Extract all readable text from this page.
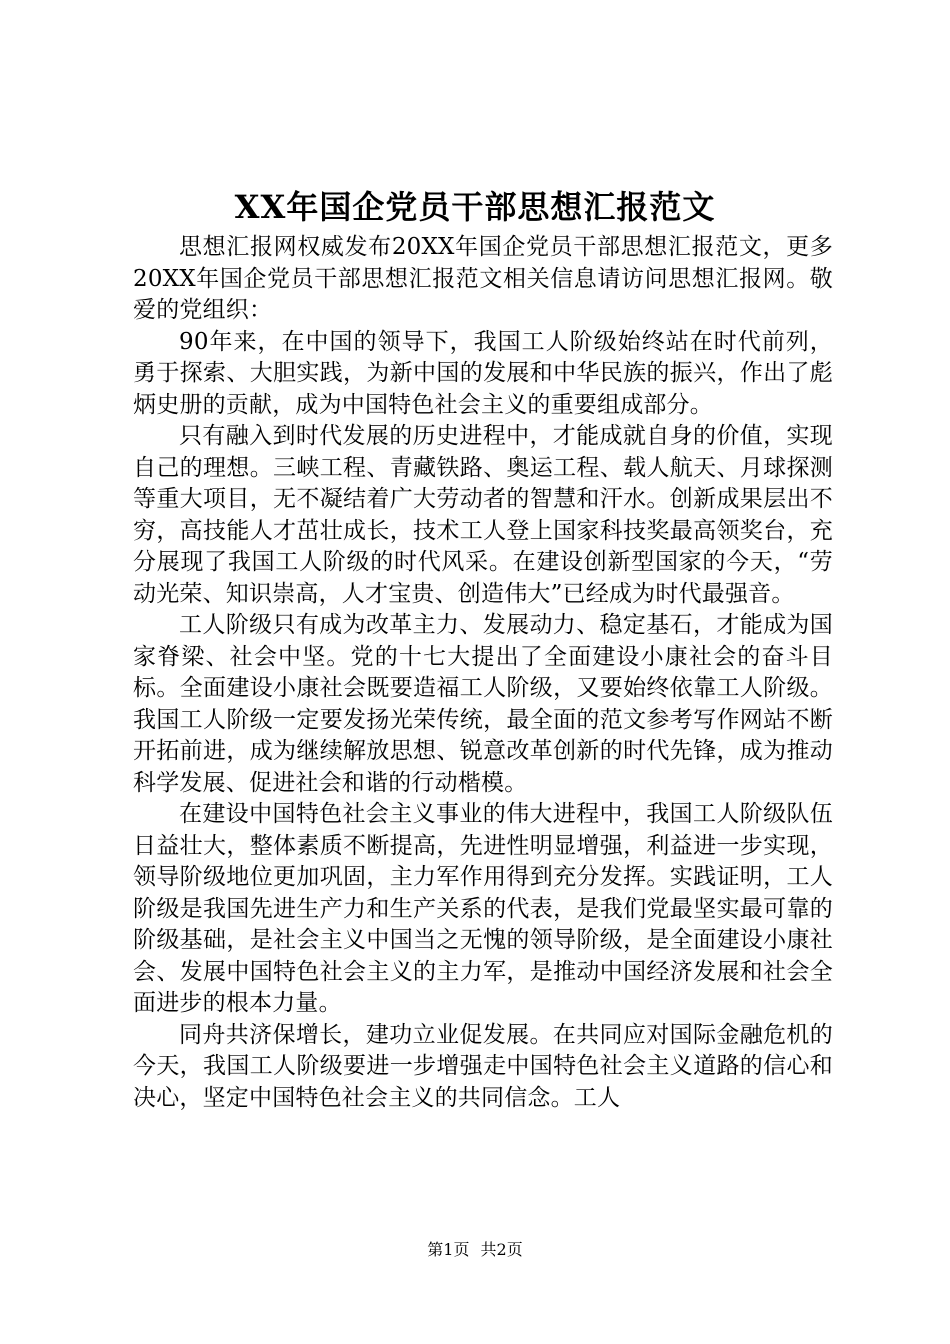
XX年国企党员干部思想汇报范文

思想汇报网权威发布20XX年国企党员干部思想汇报范文，更多20XX年国企党员干部思想汇报范文相关信息请访问思想汇报网。敬爱的党组织：

90年来，在中国的领导下，我国工人阶级始终站在时代前列，勇于探索、大胆实践，为新中国的发展和中华民族的振兴，作出了彪炳史册的贡献，成为中国特色社会主义的重要组成部分。

只有融入到时代发展的历史进程中，才能成就自身的价值，实现自己的理想。三峡工程、青藏铁路、奥运工程、载人航天、月球探测等重大项目，无不凝结着广大劳动者的智慧和汗水。创新成果层出不穷，高技能人才茁壮成长，技术工人登上国家科技奖最高领奖台，充分展现了我国工人阶级的时代风采。在建设创新型国家的今天，“劳动光荣、知识崇高，人才宝贵、创造伟大”已经成为时代最强音。

工人阶级只有成为改革主力、发展动力、稳定基石，才能成为国家脊梁、社会中坚。党的十七大提出了全面建设小康社会的奋斗目标。全面建设小康社会既要造福工人阶级，又要始终依靠工人阶级。我国工人阶级一定要发扬光荣传统，最全面的范文参考写作网站不断开拓前进，成为继续解放思想、锐意改革创新的时代先锋，成为推动科学发展、促进社会和谐的行动楷模。

在建设中国特色社会主义事业的伟大进程中，我国工人阶级队伍日益壮大，整体素质不断提高，先进性明显增强，利益进一步实现，领导阶级地位更加巩固，主力军作用得到充分发挥。实践证明，工人阶级是我国先进生产力和生产关系的代表，是我们党最坚实最可靠的阶级基础，是社会主义中国当之无愧的领导阶级，是全面建设小康社会、发展中国特色社会主义的主力军，是推动中国经济发展和社会全面进步的根本力量。

同舟共济保增长，建功立业促发展。在共同应对国际金融危机的今天，我国工人阶级要进一步增强走中国特色社会主义道路的信心和决心，坚定中国特色社会主义的共同信念。工人

第1页 共2页
